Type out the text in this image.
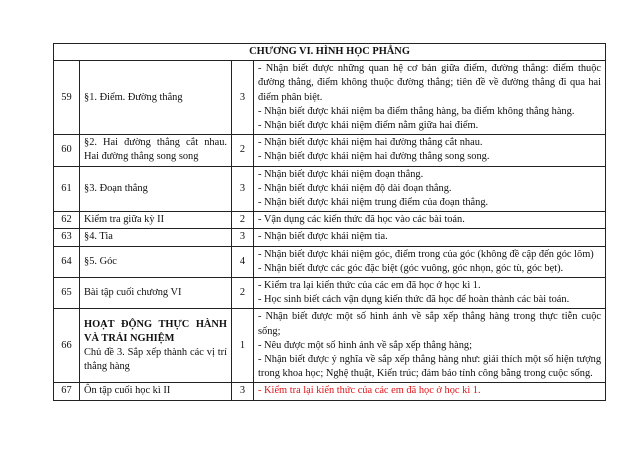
CHƯƠNG VI. HÌNH HỌC PHẲNG			
59	§1. Điểm. Đường thẳng	3	- Nhận biết được những quan hệ cơ bản giữa điểm, đường thẳng: điểm thuộc đường thẳng, điểm không thuộc đường thẳng; tiên đề về đường thẳng đi qua hai điểm phân biệt.
- Nhận biết được khái niệm ba điểm thẳng hàng, ba điểm không thẳng hàng.
- Nhận biết được khái niệm điểm nằm giữa hai điểm.

60	§2. Hai đường thẳng cắt nhau. Hai đường thẳng song song	2	- Nhận biết được khái niệm hai đường thẳng cắt nhau.
- Nhận biết được khái niệm hai đường thẳng song song.

61	§3. Đoạn thẳng	3	- Nhận biết được khái niệm đoạn thẳng.
- Nhận biết được khái niệm độ dài đoạn thẳng.
- Nhận biết được khái niệm trung điểm của đoạn thẳng.

62	Kiểm tra giữa kỳ II	2	- Vận dụng các kiến thức đã học vào các bài toán.

63	§4. Tia	3	- Nhận biết được khái niệm tia.

64	§5. Góc	4	- Nhận biết được khái niệm góc, điểm trong của góc (không đề cập đến góc lõm)
- Nhận biết được các góc đặc biệt (góc vuông, góc nhọn, góc tù, góc bẹt).

65	Bài tập cuối chương VI	2	- Kiểm tra lại kiến thức của các em đã học ở học kì 1.
- Học sinh biết cách vận dụng kiến thức đã học để hoàn thành các bài toán.

66	HOẠT ĐỘNG THỰC HÀNH VÀ TRẢI NGHIỆM
Chủ đề 3. Sắp xếp thành các vị trí thẳng hàng	1	- Nhận biết được một số hình ảnh về sắp xếp thẳng hàng trong thực tiễn cuộc sống;
- Nêu được một số hình ảnh về sắp xếp thẳng hàng;
- Nhận biết được ý nghĩa về sắp xếp thẳng hàng như: giải thích một số hiện tượng trong khoa học; Nghệ thuật, Kiến trúc; đảm bảo tính công bằng trong cuộc sống.

67	Ôn tập cuối học kì II	3	- Kiểm tra lại kiến thức của các em đã học ở học kì 1.
